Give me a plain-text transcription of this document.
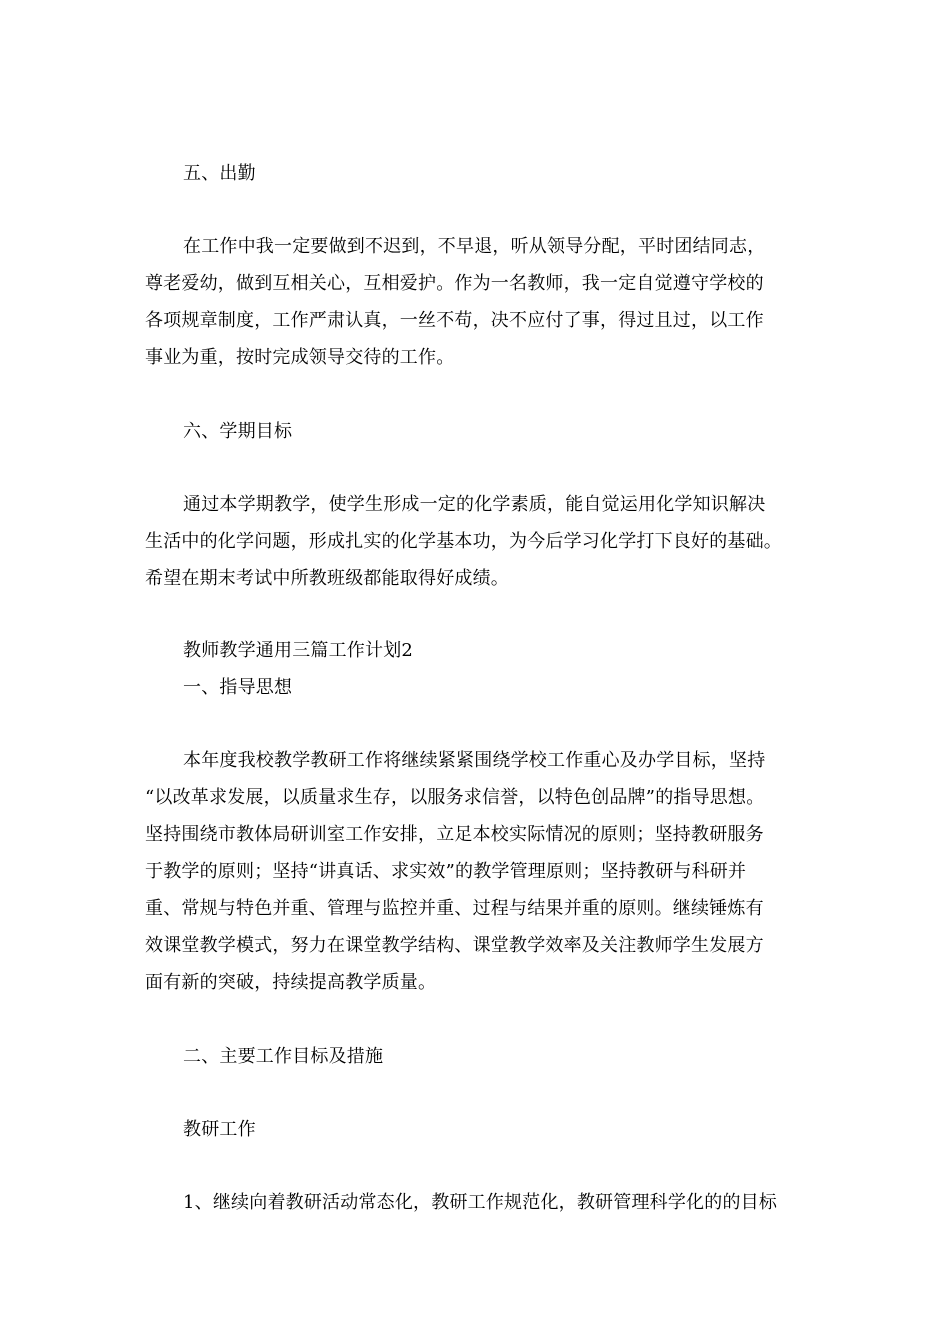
五、出勤
在工作中我一定要做到不迟到，不早退，听从领导分配，平时团结同志，
尊老爱幼，做到互相关心，互相爱护。作为一名教师，我一定自觉遵守学校的
各项规章制度，工作严肃认真，一丝不苟，决不应付了事，得过且过，以工作
事业为重，按时完成领导交待的工作。
六、学期目标
通过本学期教学，使学生形成一定的化学素质，能自觉运用化学知识解决
生活中的化学问题，形成扎实的化学基本功，为今后学习化学打下良好的基础。
希望在期末考试中所教班级都能取得好成绩。
教师教学通用三篇工作计划2
一、指导思想
本年度我校教学教研工作将继续紧紧围绕学校工作重心及办学目标，坚持
“以改革求发展，以质量求生存，以服务求信誉，以特色创品牌”的指导思想。
坚持围绕市教体局研训室工作安排，立足本校实际情况的原则；坚持教研服务
于教学的原则；坚持“讲真话、求实效”的教学管理原则；坚持教研与科研并
重、常规与特色并重、管理与监控并重、过程与结果并重的原则。继续锤炼有
效课堂教学模式，努力在课堂教学结构、课堂教学效率及关注教师学生发展方
面有新的突破，持续提高教学质量。
二、主要工作目标及措施
教研工作
1、继续向着教研活动常态化，教研工作规范化，教研管理科学化的的目标
